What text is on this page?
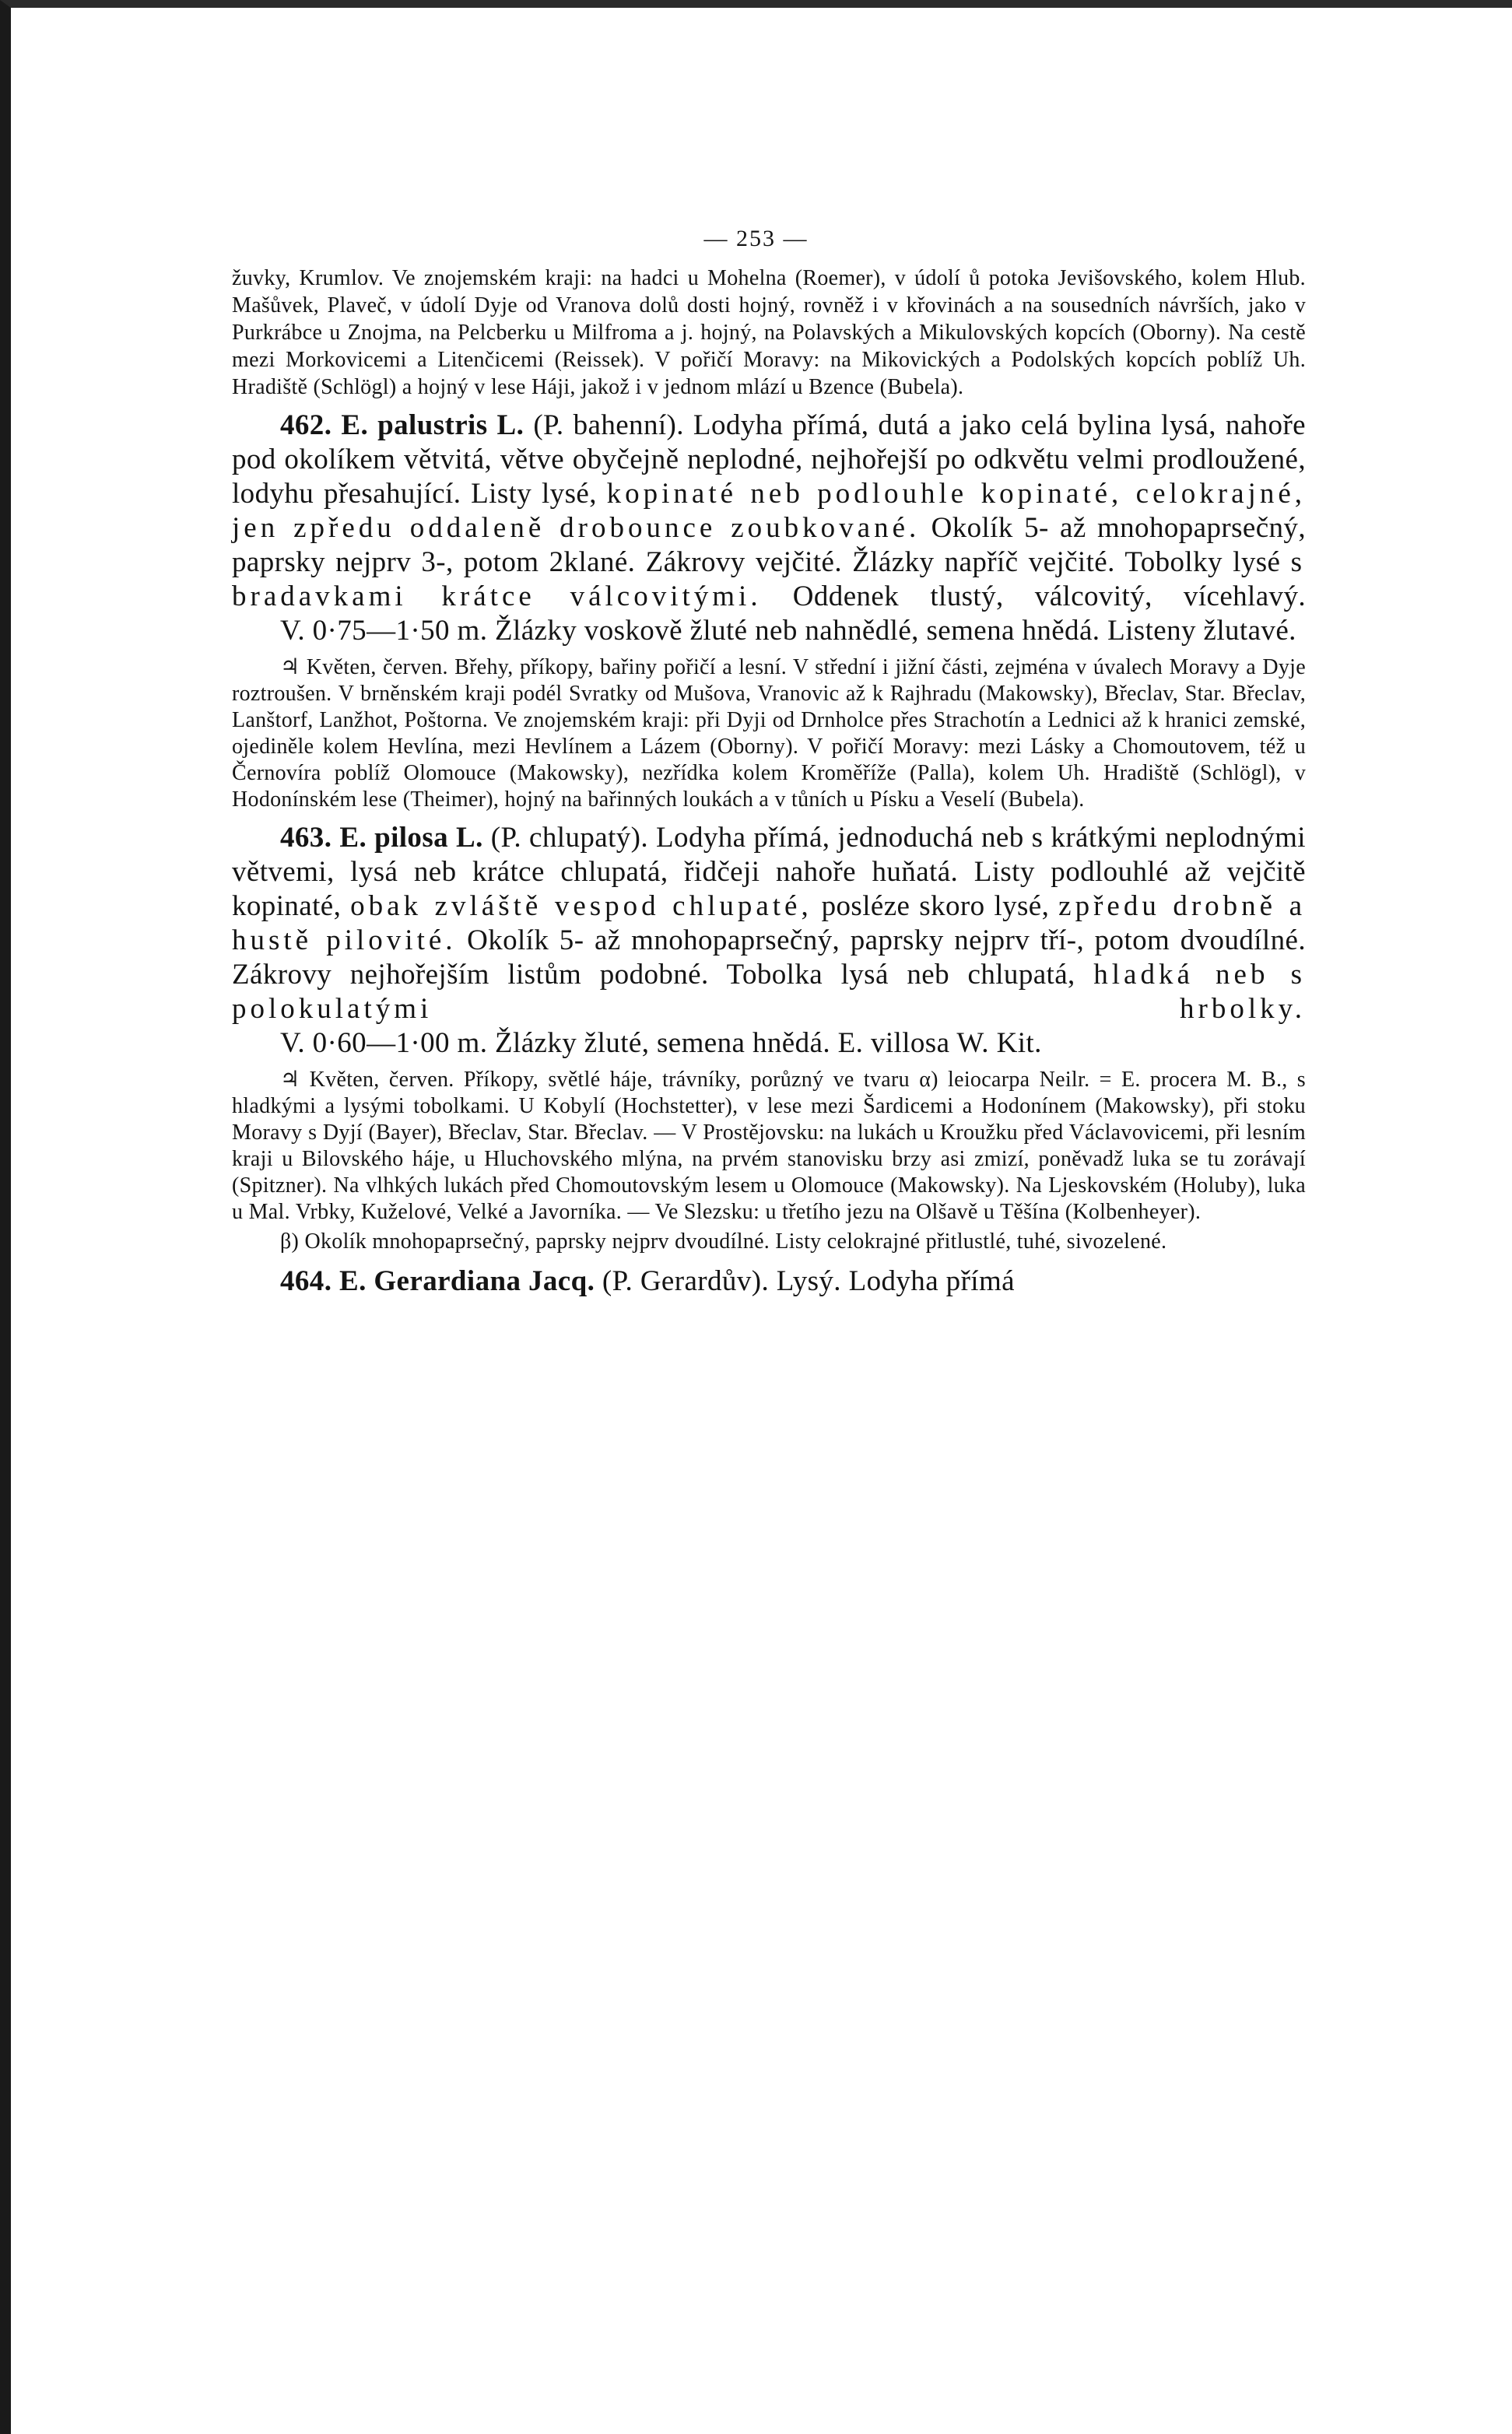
— 253 —

žuvky, Krumlov. Ve znojemském kraji: na hadci u Mohelna (Roemer), v údolí ů potoka Jevišovského, kolem Hlub. Mašůvek, Plaveč, v údolí Dyje od Vranova dolů dosti hojný, rovněž i v křovinách a na sousedních návrších, jako v Purkrábce u Znojma, na Pelcberku u Milfroma a j. hojný, na Polavských a Mikulovských kopcích (Oborny). Na cestě mezi Morkovicemi a Litenčicemi (Reissek). V pořičí Moravy: na Mikovických a Podolských kopcích poblíž Uh. Hradiště (Schlögl) a hojný v lese Háji, jakož i v jednom mlází u Bzence (Bubela).

462. E. palustris L. (P. bahenní). Lodyha přímá, dutá a jako celá bylina lysá, nahoře pod okolíkem větvitá, větve obyčejně neplodné, nejhořejší po odkvětu velmi prodloužené, lodyhu přesahující. Listy lysé, kopinaté neb podlouhle kopinaté, celokrajné, jen zpředu oddaleně drobounce zoubkované. Okolík 5- až mnohopaprsečný, paprsky nejprv 3-, potom 2klané. Zákrovy vejčité. Žlázky napříč vejčité. Tobolky lysé s bradavkami krátce válcovitými. Oddenek tlustý, válcovitý, vícehlavý.

V. 0·75—1·50 m. Žlázky voskově žluté neb nahnědlé, semena hnědá. Listeny žlutavé.

♃ Květen, červen. Břehy, příkopy, bařiny pořičí a lesní. V střední i jižní části, zejména v úvalech Moravy a Dyje roztroušen. V brněnském kraji podél Svratky od Mušova, Vranovic až k Rajhradu (Makowsky), Břeclav, Star. Břeclav, Lanštorf, Lanžhot, Poštorna. Ve znojemském kraji: při Dyji od Drnholce přes Strachotín a Lednici až k hranici zemské, ojediněle kolem Hevlína, mezi Hevlínem a Lázem (Oborny). V pořičí Moravy: mezi Lásky a Chomoutovem, též u Černovíra poblíž Olomouce (Makowsky), nezřídka kolem Kroměříže (Palla), kolem Uh. Hradiště (Schlögl), v Hodonínském lese (Theimer), hojný na bařinných loukách a v tůních u Písku a Veselí (Bubela).

463. E. pilosa L. (P. chlupatý). Lodyha přímá, jednoduchá neb s krátkými neplodnými větvemi, lysá neb krátce chlupatá, řidčeji nahoře huňatá. Listy podlouhlé až vejčitě kopinaté, obak zvláště vespod chlupaté, posléze skoro lysé, zpředu drobně a hustě pilovité. Okolík 5- až mnohopaprsečný, paprsky nejprv tří-, potom dvoudílné. Zákrovy nejhořejším listům podobné. Tobolka lysá neb chlupatá, hladká neb s polokulatými hrbolky.

V. 0·60—1·00 m. Žlázky žluté, semena hnědá. E. villosa W. Kit.

♃ Květen, červen. Příkopy, světlé háje, trávníky, porůzný ve tvaru α) leiocarpa Neilr. = E. procera M. B., s hladkými a lysými tobolkami. U Kobylí (Hochstetter), v lese mezi Šardicemi a Hodonínem (Makowsky), při stoku Moravy s Dyjí (Bayer), Břeclav, Star. Břeclav. — V Prostějovsku: na lukách u Kroužku před Václavovicemi, při lesním kraji u Bilovského háje, u Hluchovského mlýna, na prvém stanovisku brzy asi zmizí, poněvadž luka se tu zorávají (Spitzner). Na vlhkých lukách před Chomoutovským lesem u Olomouce (Makowsky). Na Ljeskovském (Holuby), luka u Mal. Vrbky, Kuželové, Velké a Javorníka. — Ve Slezsku: u třetího jezu na Olšavě u Těšína (Kolbenheyer).

β) Okolík mnohopaprsečný, paprsky nejprv dvoudílné. Listy celokrajné přitlustlé, tuhé, sivozelené.

464. E. Gerardiana Jacq. (P. Gerardův). Lysý. Lodyha přímá
